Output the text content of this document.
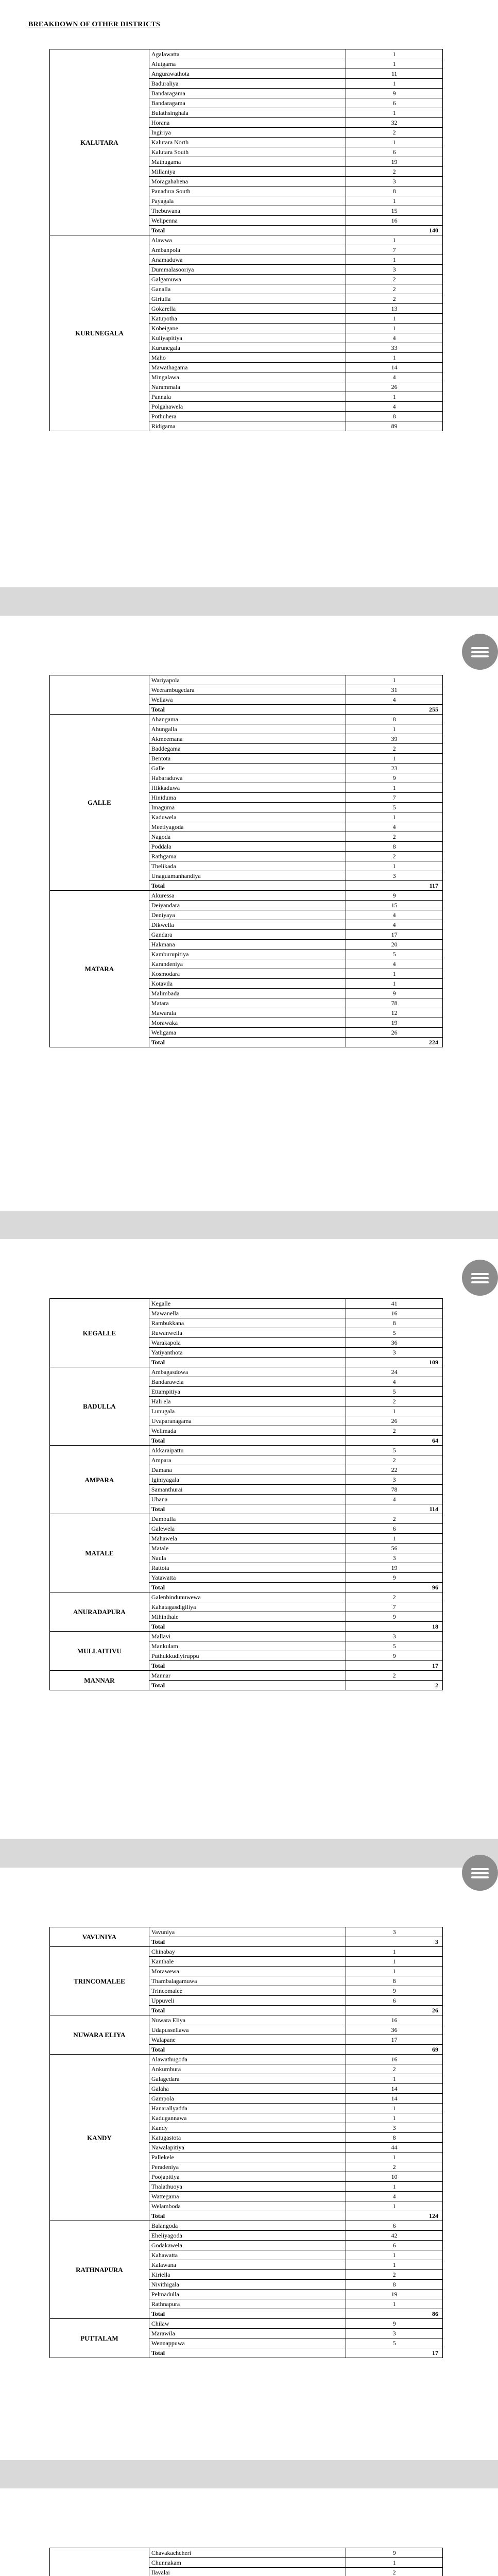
BREAKDOWN OF OTHER DISTRICTS
KALUTARA	Agalawatta	1
	Alutgama	1
	Angurawathota	11
	Baduraliya	1
	Bandaragama	9
	Bandaragama	6
	Bulathsinghala	1
	Horana	32
	Ingiriya	2
	Kalutara North	1
	Kalutara South	6
	Mathugama	19
	Millaniya	2
	Moragahahena	3
	Panadura South	8
	Payagala	1
	Thebuwana	15
	Welipenna	16
	Total	140
KURUNEGALA	Alawwa	1
	Ambanpola	7
	Anamaduwa	1
	Dummalasooriya	3
	Galgamuwa	2
	Ganalla	2
	Giriulla	2
	Gokarella	13
	Katupotha	1
	Kobeigane	1
	Kuliyapitiya	4
	Kurunegala	33
	Maho	1
	Mawathagama	14
	Mingalawa	4
	Narammala	26
	Pannala	1
	Polgahawela	4
	Pothuhera	8
	Ridigama	89
	Wariyapola	1
	Weerambugedara	31
	Wellawa	4
	Total	255
GALLE	Ahangama	8
	Ahungalla	1
	Akmeemana	39
	Baddegama	2
	Bentota	1
	Galle	23
	Habaraduwa	9
	Hikkaduwa	1
	Hiniduma	7
	Imaguma	5
	Kaduwela	1
	Meetiyagoda	4
	Nagoda	2
	Poddala	8
	Rathgama	2
	Thelikada	1
	Unaguamanhandiya	3
	Total	117
MATARA	Akuressa	9
	Deiyandara	15
	Deniyaya	4
	Dikwella	4
	Gandara	17
	Hakmana	20
	Kamburupitiya	5
	Karandeniya	4
	Kosmodara	1
	Kotavila	1
	Malimbada	9
	Matara	78
	Mawarala	12
	Morawaka	19
	Weligama	26
	Total	224
KEGALLE	Kegalle	41
	Mawanella	16
	Rambukkana	8
	Ruwanwella	5
	Warakapola	36
	Yatiyanthota	3
	Total	109
BADULLA	Ambagasdowa	24
	Bandarawela	4
	Ettampitiya	5
	Hali ela	2
	Lunugala	1
	Uvaparanagama	26
	Welimada	2
	Total	64
AMPARA	Akkaraipattu	5
	Ampara	2
	Damana	22
	Iginiyagala	3
	Samanthurai	78
	Uhana	4
	Total	114
MATALE	Dambulla	2
	Galewela	6
	Mahawela	1
	Matale	56
	Naula	3
	Rattota	19
	Yatawatta	9
	Total	96
ANURADAPURA	Galenbindunuwewa	2
	Kahatagasdigiliya	7
	Mihinthale	9
	Total	18
MULLAITIVU	Mallavi	3
	Mankulam	5
	Puthukkudiyiruppu	9
	Total	17
MANNAR	Mannar	2
	Total	2
VAVUNIYA	Vavuniya	3
	Total	3
TRINCOMALEE	Chinabay	1
	Kanthale	1
	Morawewa	1
	Thambalagamuwa	8
	Trincomalee	9
	Uppuveli	6
	Total	26
NUWARA ELIYA	Nuwara Eliya	16
	Udapussellawa	36
	Walapane	17
	Total	69
KANDY	Alawathugoda	16
	Ankumbura	2
	Galagedara	1
	Galaha	14
	Gampola	14
	Hanarallyadda	1
	Kadugannawa	1
	Kandy	3
	Katugastota	8
	Nawalapitiya	44
	Pallekele	1
	Peradeniya	2
	Poojapitiya	10
	Thalathuoya	1
	Wattegama	4
	Welamboda	1
	Total	124
RATHNAPURA	Balangoda	6
	Eheliyagoda	42
	Godakawela	6
	Kahawatta	1
	Kalawana	1
	Kiriella	2
	Nivithigala	8
	Pelmadulla	19
	Rathnapura	1
	Total	86
PUTTALAM	Chilaw	9
	Marawila	3
	Wennappuwa	5
	Total	17
	Chavakachcheri	9
	Chunnakam	1
	Ilavalai	2
